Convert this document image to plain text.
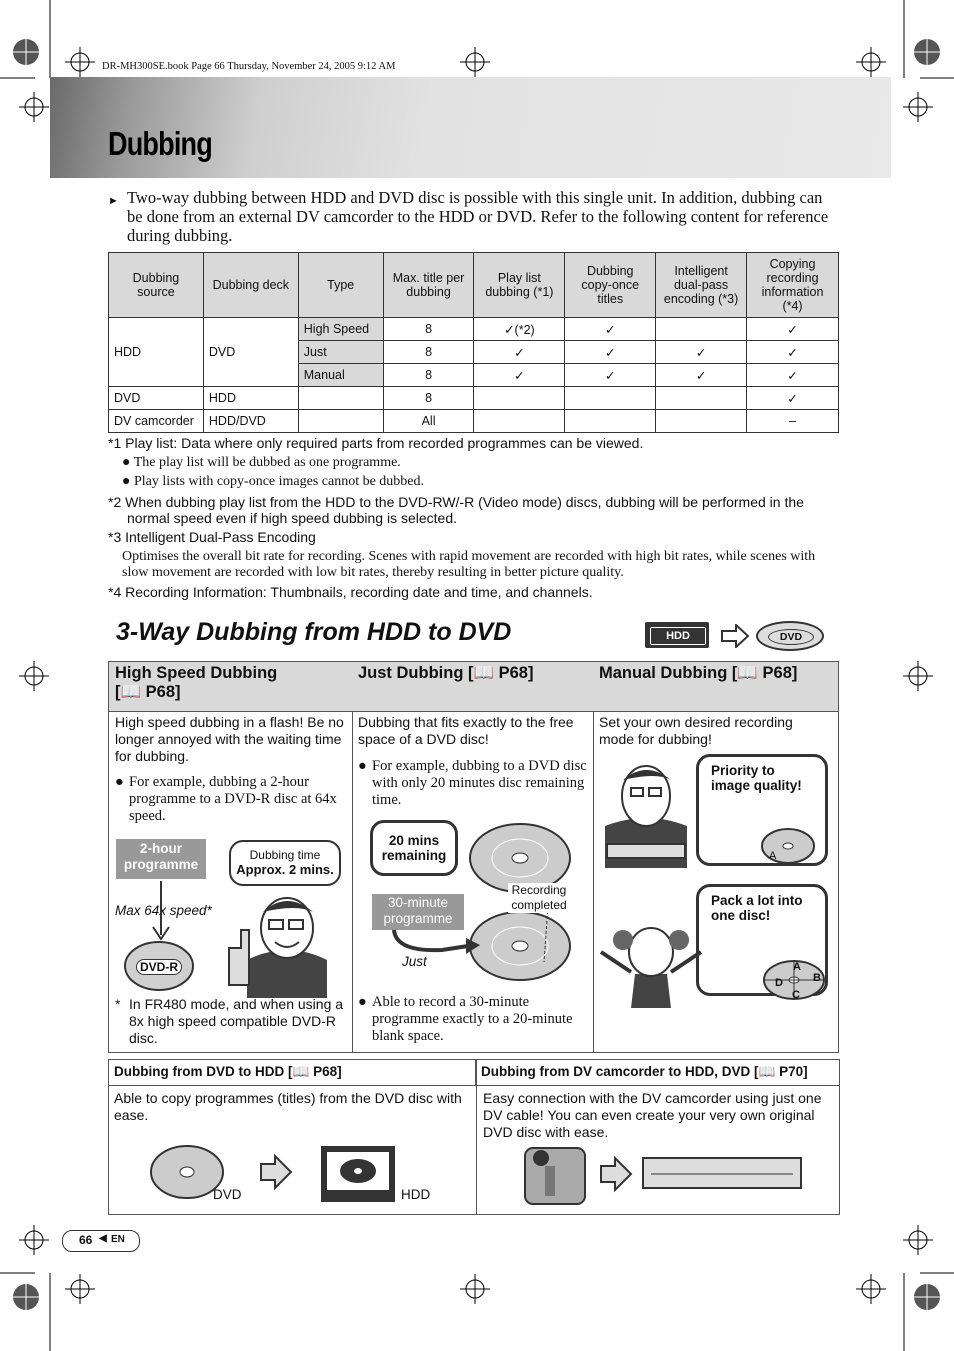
DR-MH300SE.book Page 66 Thursday, November 24, 2005 9:12 AM
Dubbing
► Two-way dubbing between HDD and DVD disc is possible with this single unit. In addition, dubbing can be done from an external DV camcorder to the HDD or DVD. Refer to the following content for reference during dubbing.
Dubbing source	Dubbing deck	Type	Max. title per dubbing	Play list dubbing (*1)	Dubbing copy-once titles	Intelligent dual-pass encoding (*3)	Copying recording information (*4)
HDD	DVD	High Speed	8	✓(*2)	✓		✓
		Just	8	✓	✓	✓	✓
		Manual	8	✓	✓	✓	✓
DVD	HDD		8				✓
DV camcorder	HDD/DVD		All				–
*1 Play list: Data where only required parts from recorded programmes can be viewed.
● The play list will be dubbed as one programme.
● Play lists with copy-once images cannot be dubbed.
*2 When dubbing play list from the HDD to the DVD-RW/-R (Video mode) discs, dubbing will be performed in the
normal speed even if high speed dubbing is selected.
*3 Intelligent Dual-Pass Encoding
Optimises the overall bit rate for recording. Scenes with rapid movement are recorded with high bit rates, while scenes with slow movement are recorded with low bit rates, thereby resulting in better picture quality.
*4 Recording Information: Thumbnails, recording date and time, and channels.
3-Way Dubbing from HDD to DVD	HDD	DVD
High Speed Dubbing
[📖 P68]
High speed dubbing in a flash! Be no longer annoyed with the waiting time for dubbing.
● For example, dubbing a 2-hour programme to a DVD-R disc at 64x speed.
2-hour programme
Dubbing time
Approx. 2 mins.
Max 64x speed*
DVD-R
* In FR480 mode, and when using a 8x high speed compatible DVD-R disc.
Just Dubbing [📖 P68]
Dubbing that fits exactly to the free space of a DVD disc!
● For example, dubbing to a DVD disc with only 20 minutes disc remaining time.
20 mins remaining
Recording completed
30-minute programme
Just
● Able to record a 30-minute programme exactly to a 20-minute blank space.
Manual Dubbing [📖 P68]
Set your own desired recording mode for dubbing!
Priority to image quality!
A
Pack a lot into one disc!
A
B
C
D
Dubbing from DVD to HDD [📖 P68]	Dubbing from DV camcorder to HDD, DVD [📖 P70]
Able to copy programmes (titles) from the DVD disc with ease.
Easy connection with the DV camcorder using just one DV cable! You can even create your very own original DVD disc with ease.
DVD	HDD
66 ◀ EN
